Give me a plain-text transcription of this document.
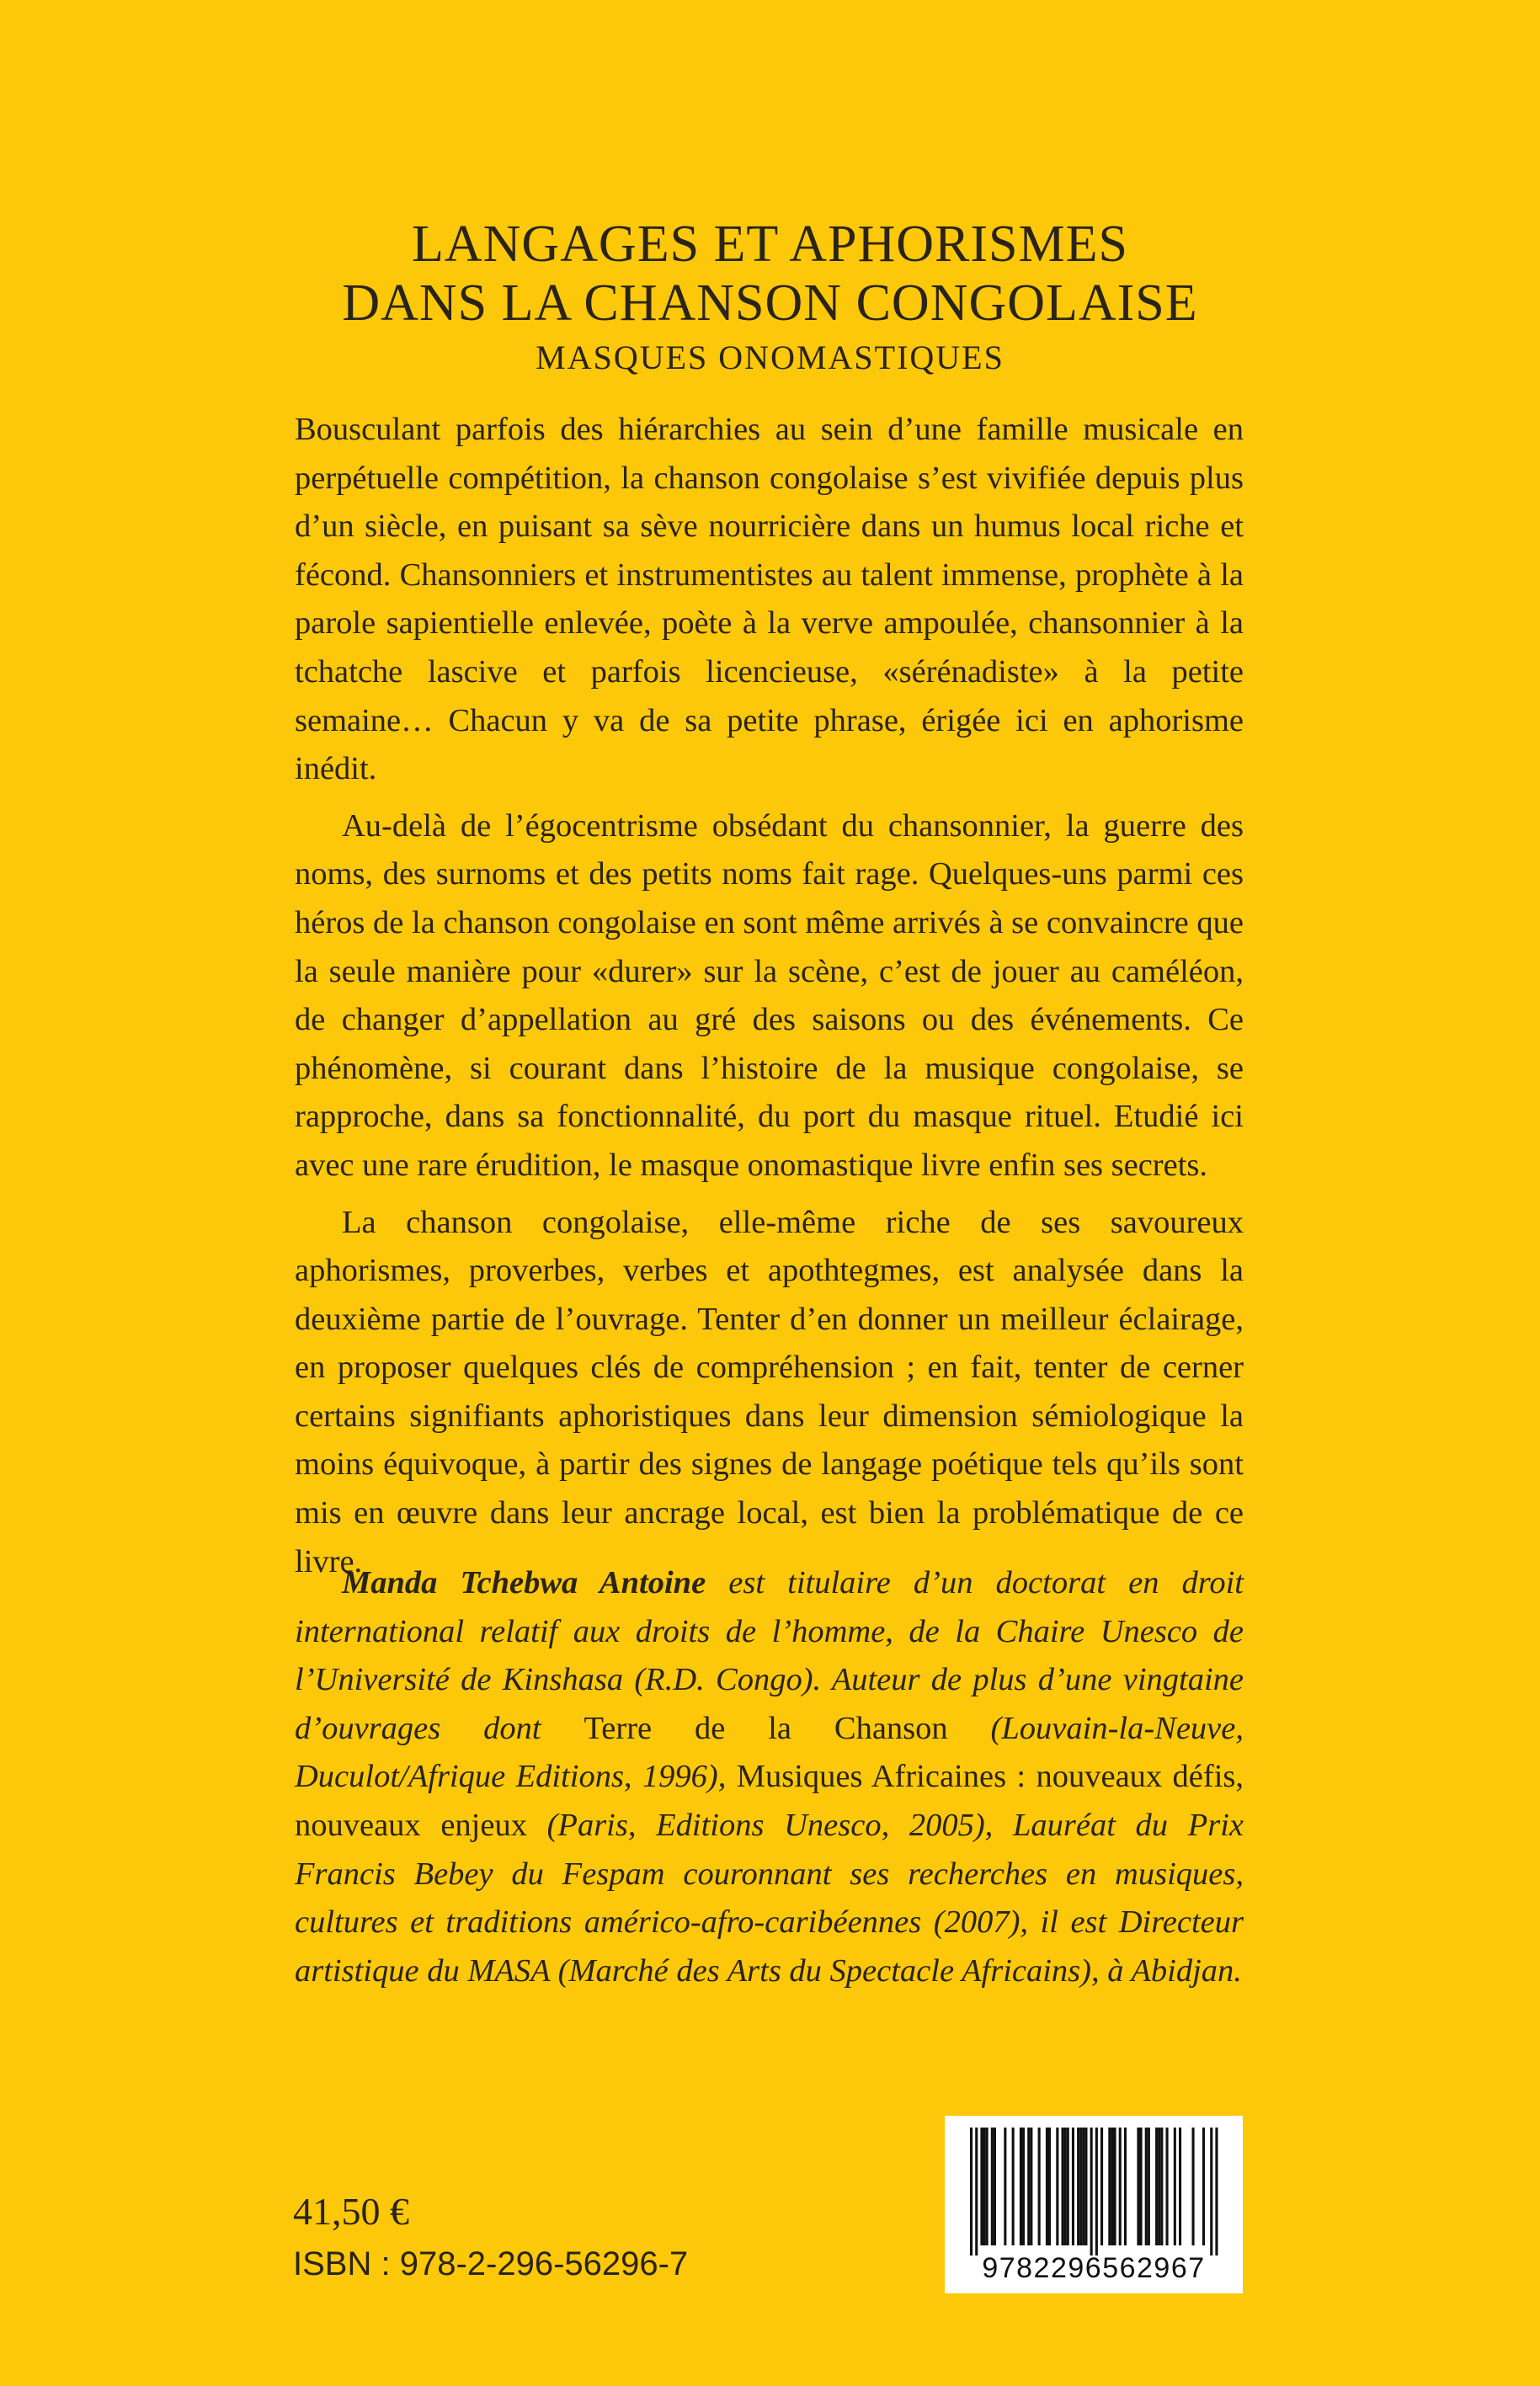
LANGAGES ET APHORISMES
DANS LA CHANSON CONGOLAISE
MASQUES ONOMASTIQUES

Bousculant parfois des hiérarchies au sein d’une famille musicale en perpétuelle compétition, la chanson congolaise s’est vivifiée depuis plus d’un siècle, en puisant sa sève nourricière dans un humus local riche et fécond. Chansonniers et instrumentistes au talent immense, prophète à la parole sapientielle enlevée, poète à la verve ampoulée, chansonnier à la tchatche lascive et parfois licencieuse, «sérénadiste» à la petite semaine… Chacun y va de sa petite phrase, érigée ici en aphorisme inédit.

Au-delà de l’égocentrisme obsédant du chansonnier, la guerre des noms, des surnoms et des petits noms fait rage. Quelques-uns parmi ces héros de la chanson congolaise en sont même arrivés à se convaincre que la seule manière pour «durer» sur la scène, c’est de jouer au caméléon, de changer d’appellation au gré des saisons ou des événements. Ce phénomène, si courant dans l’histoire de la musique congolaise, se rapproche, dans sa fonctionnalité, du port du masque rituel. Etudié ici avec une rare érudition, le masque onomastique livre enfin ses secrets.

La chanson congolaise, elle-même riche de ses savoureux aphorismes, proverbes, verbes et apothtegmes, est analysée dans la deuxième partie de l’ouvrage. Tenter d’en donner un meilleur éclairage, en proposer quelques clés de compréhension ; en fait, tenter de cerner certains signifiants aphoristiques dans leur dimension sémiologique la moins équivoque, à partir des signes de langage poétique tels qu’ils sont mis en œuvre dans leur ancrage local, est bien la problématique de ce livre.

Manda Tchebwa Antoine est titulaire d’un doctorat en droit international relatif aux droits de l’homme, de la Chaire Unesco de l’Université de Kinshasa (R.D. Congo). Auteur de plus d’une vingtaine d’ouvrages dont Terre de la Chanson (Louvain-la-Neuve, Duculot/Afrique Editions, 1996), Musiques Africaines : nouveaux défis, nouveaux enjeux (Paris, Editions Unesco, 2005), Lauréat du Prix Francis Bebey du Fespam couronnant ses recherches en musiques, cultures et traditions américo-afro-caribéennes (2007), il est Directeur artistique du MASA (Marché des Arts du Spectacle Africains), à Abidjan.
41,50 €
ISBN : 978-2-296-56296-7	9782296562967
